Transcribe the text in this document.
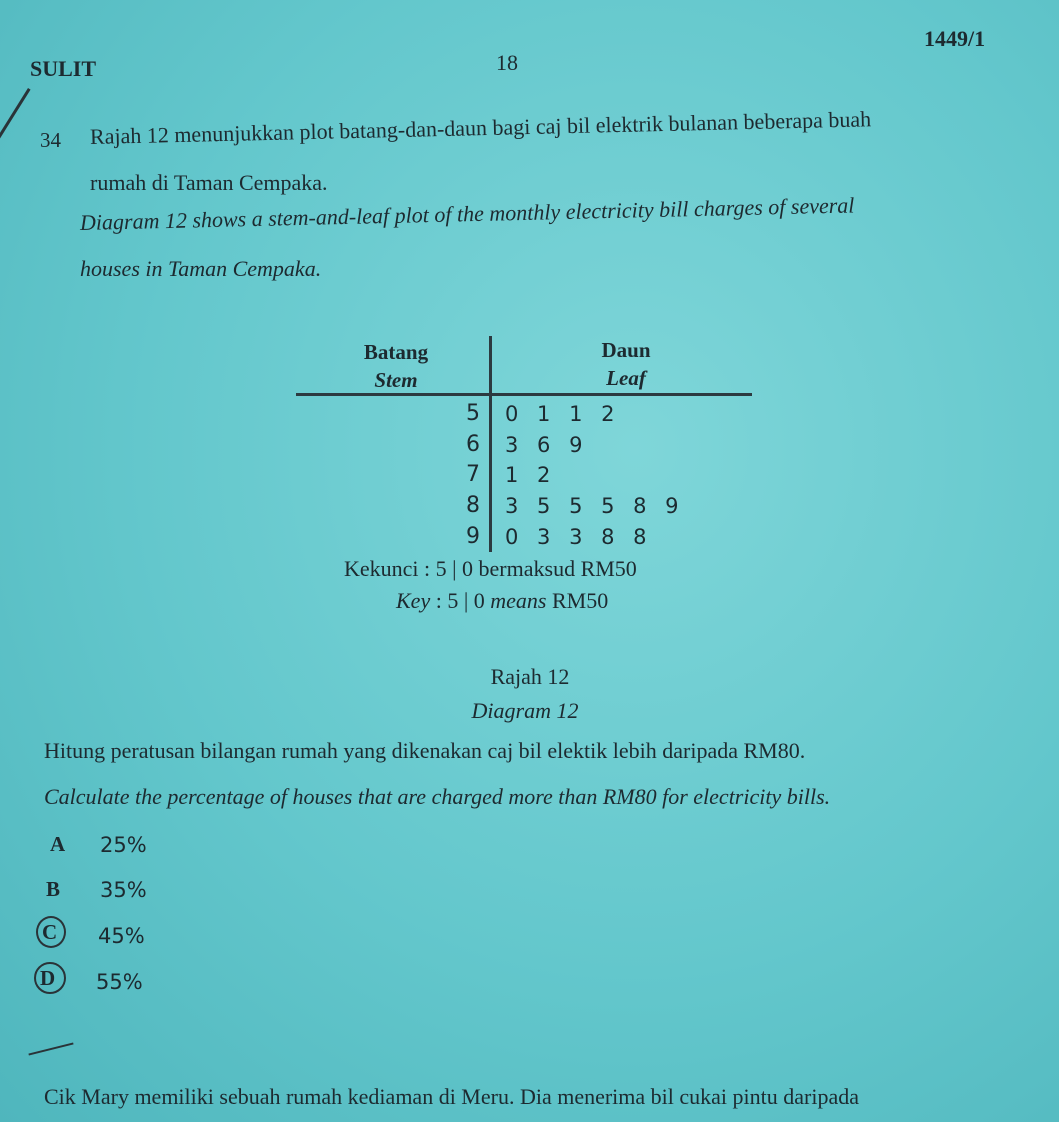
SULIT	18
1449/1
34 Rajah 12 menunjukkan plot batang-dan-daun bagi caj bil elektrik bulanan beberapa buah
rumah di Taman Cempaka.
Diagram 12 shows a stem-and-leaf plot of the monthly electricity bill charges of several
houses in Taman Cempaka.
Batang
Stem
Daun
Leaf
5 0 1 1 2
6 3 6 9
7 1 2
8 3 5 5 5 8 9
9 0 3 3 8 8
Kekunci : 5 | 0 bermaksud RM50
Key : 5 | 0 means RM50
Rajah 12
Diagram 12
Hitung peratusan bilangan rumah yang dikenakan caj bil elektik lebih daripada RM80.
Calculate the percentage of houses that are charged more than RM80 for electricity bills.
A 25%
B 35%
C 45%
D 55%
Cik Mary memiliki sebuah rumah kediaman di Meru. Dia menerima bil cukai pintu daripada
